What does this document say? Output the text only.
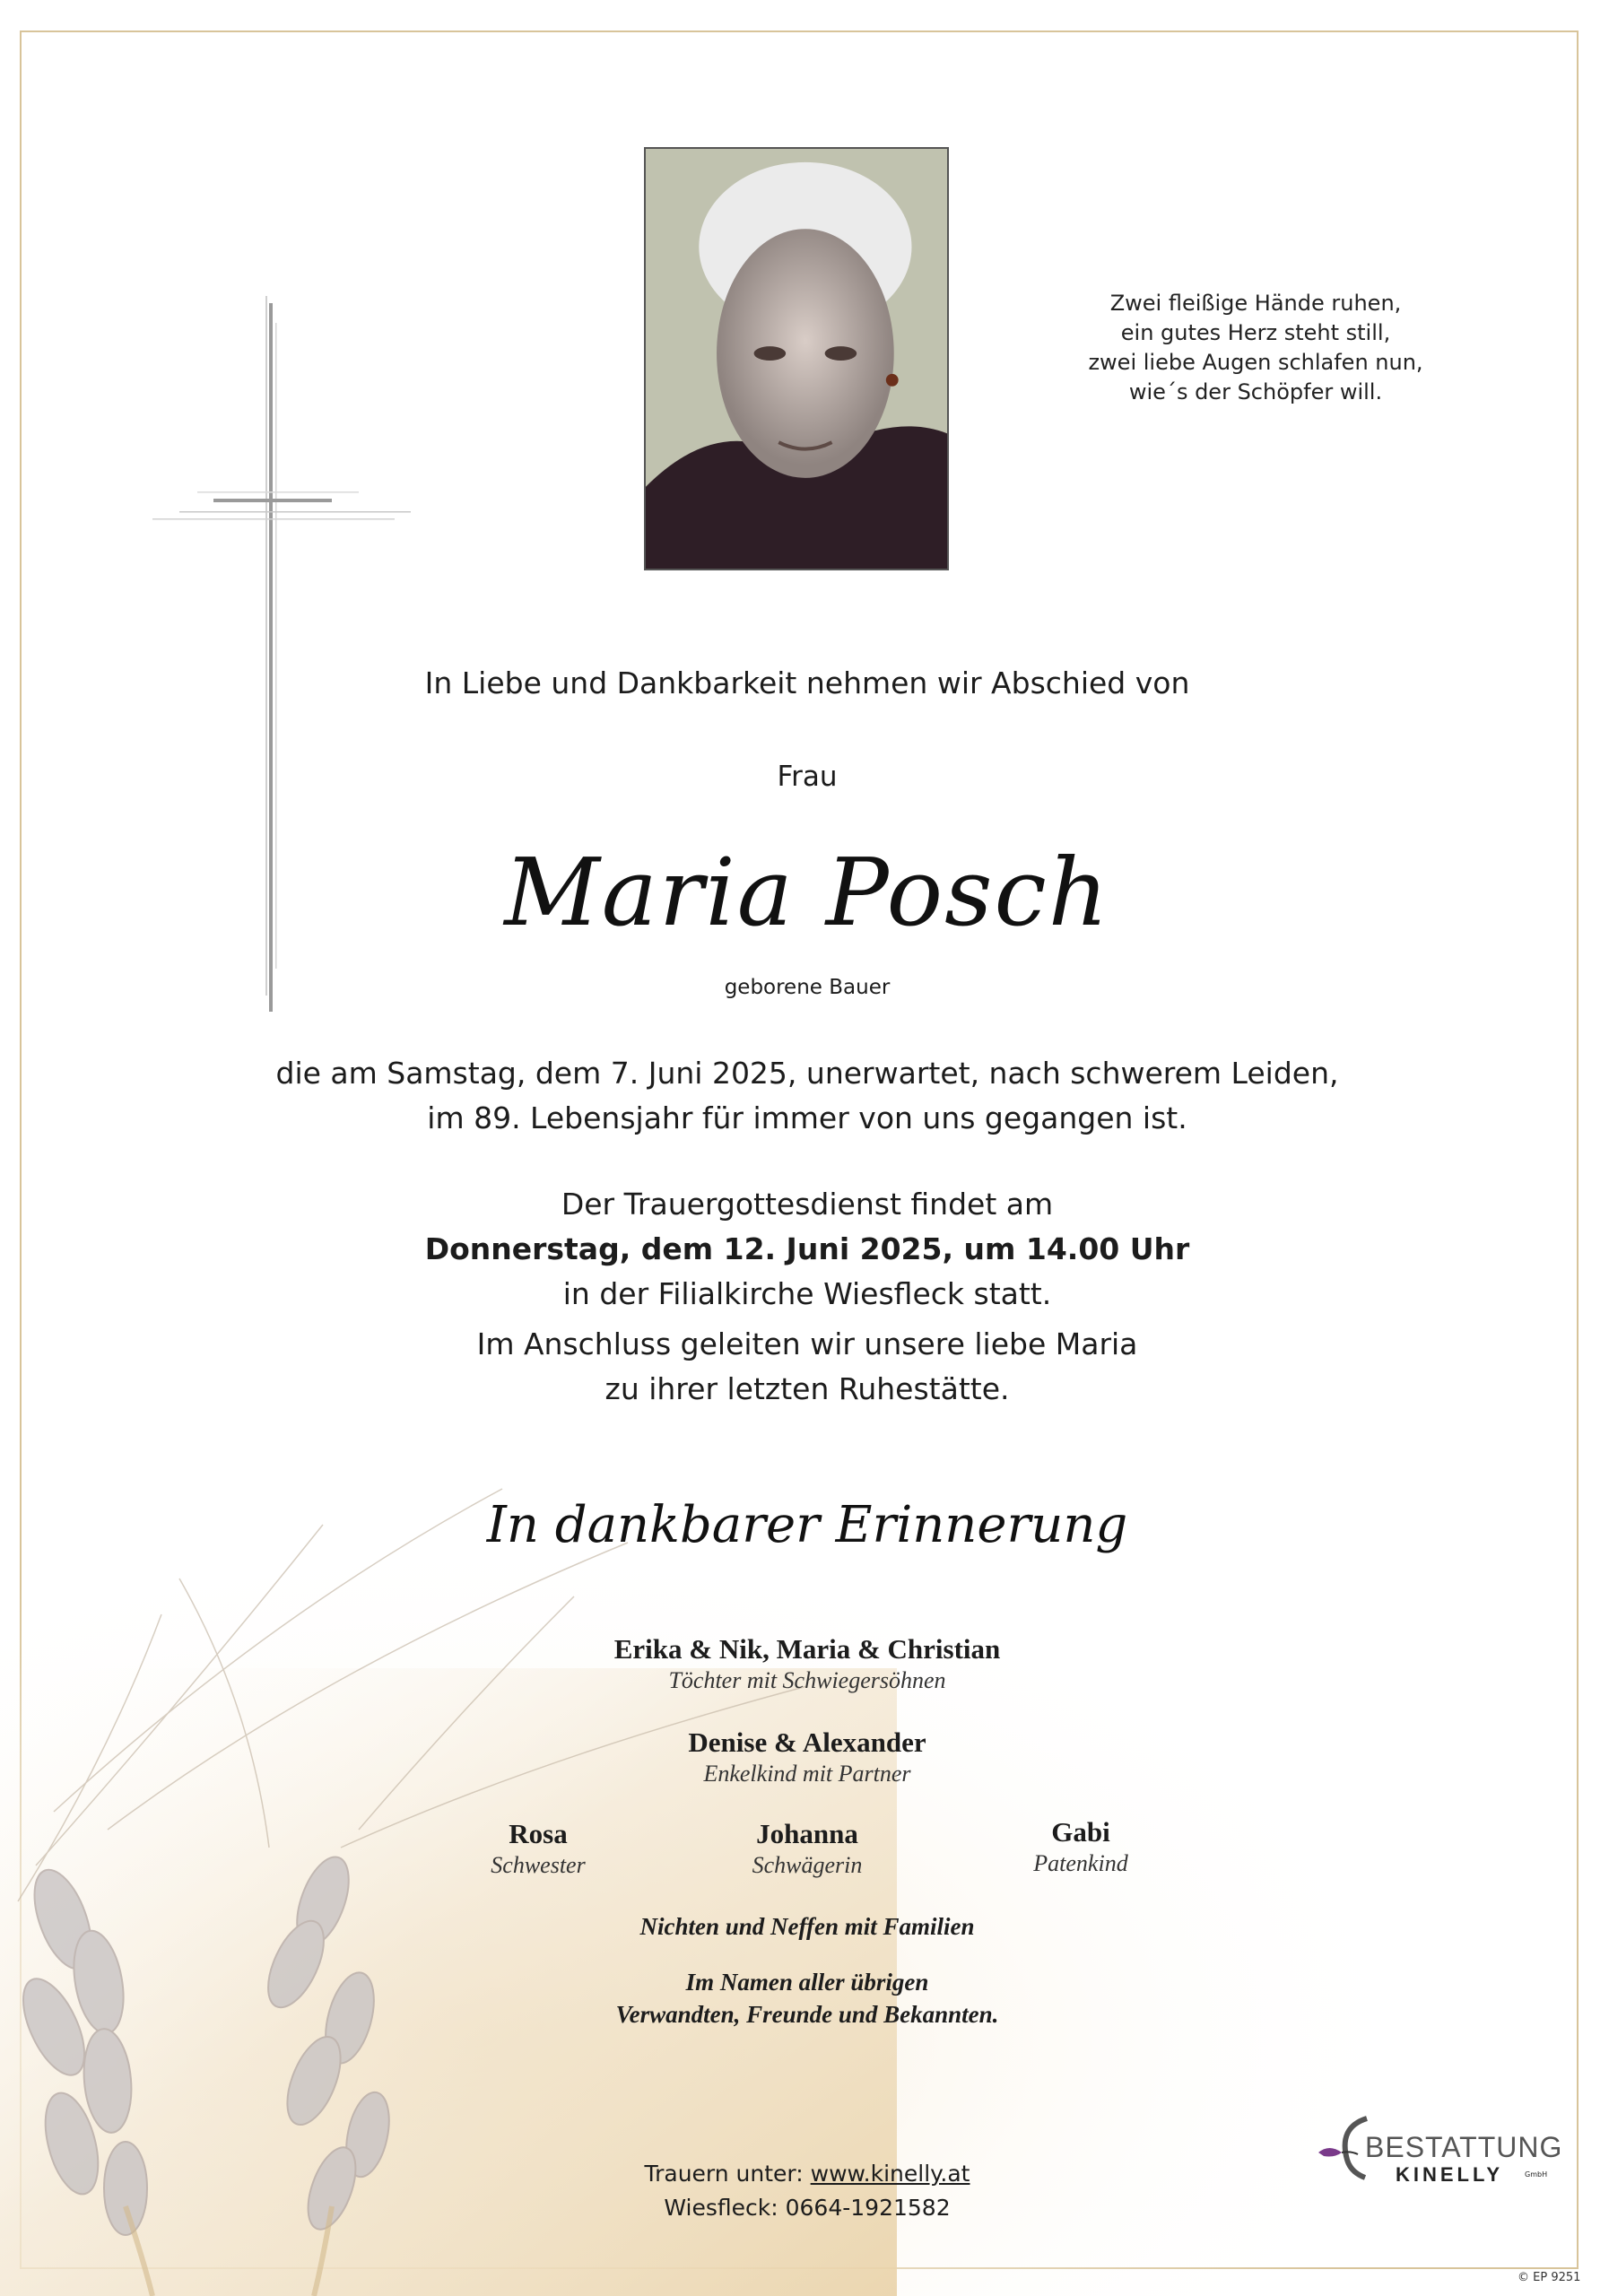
Zwei fleißige Hände ruhen,
ein gutes Herz steht still,
zwei liebe Augen schlafen nun,
wie´s der Schöpfer will.
In Liebe und Dankbarkeit nehmen wir Abschied von
Frau
Maria Posch
geborene Bauer
die am Samstag, dem 7. Juni 2025, unerwartet, nach schwerem Leiden,
im 89. Lebensjahr für immer von uns gegangen ist.
Der Trauergottesdienst findet am
Donnerstag, dem 12. Juni 2025, um 14.00 Uhr
in der Filialkirche Wiesfleck statt.
Im Anschluss geleiten wir unsere liebe Maria
zu ihrer letzten Ruhestätte.
In dankbarer Erinnerung
Erika & Nik, Maria & Christian
Töchter mit Schwiegersöhnen
Denise & Alexander
Enkelkind mit Partner
Rosa
Schwester
Johanna
Schwägerin
Gabi
Patenkind
Nichten und Neffen mit Familien
Im Namen aller übrigen
Verwandten, Freunde und Bekannten.
Trauern unter: www.kinelly.at
Wiesfleck: 0664-1921582
BESTATTUNG
KINELLY	GmbH
© EP 9251
